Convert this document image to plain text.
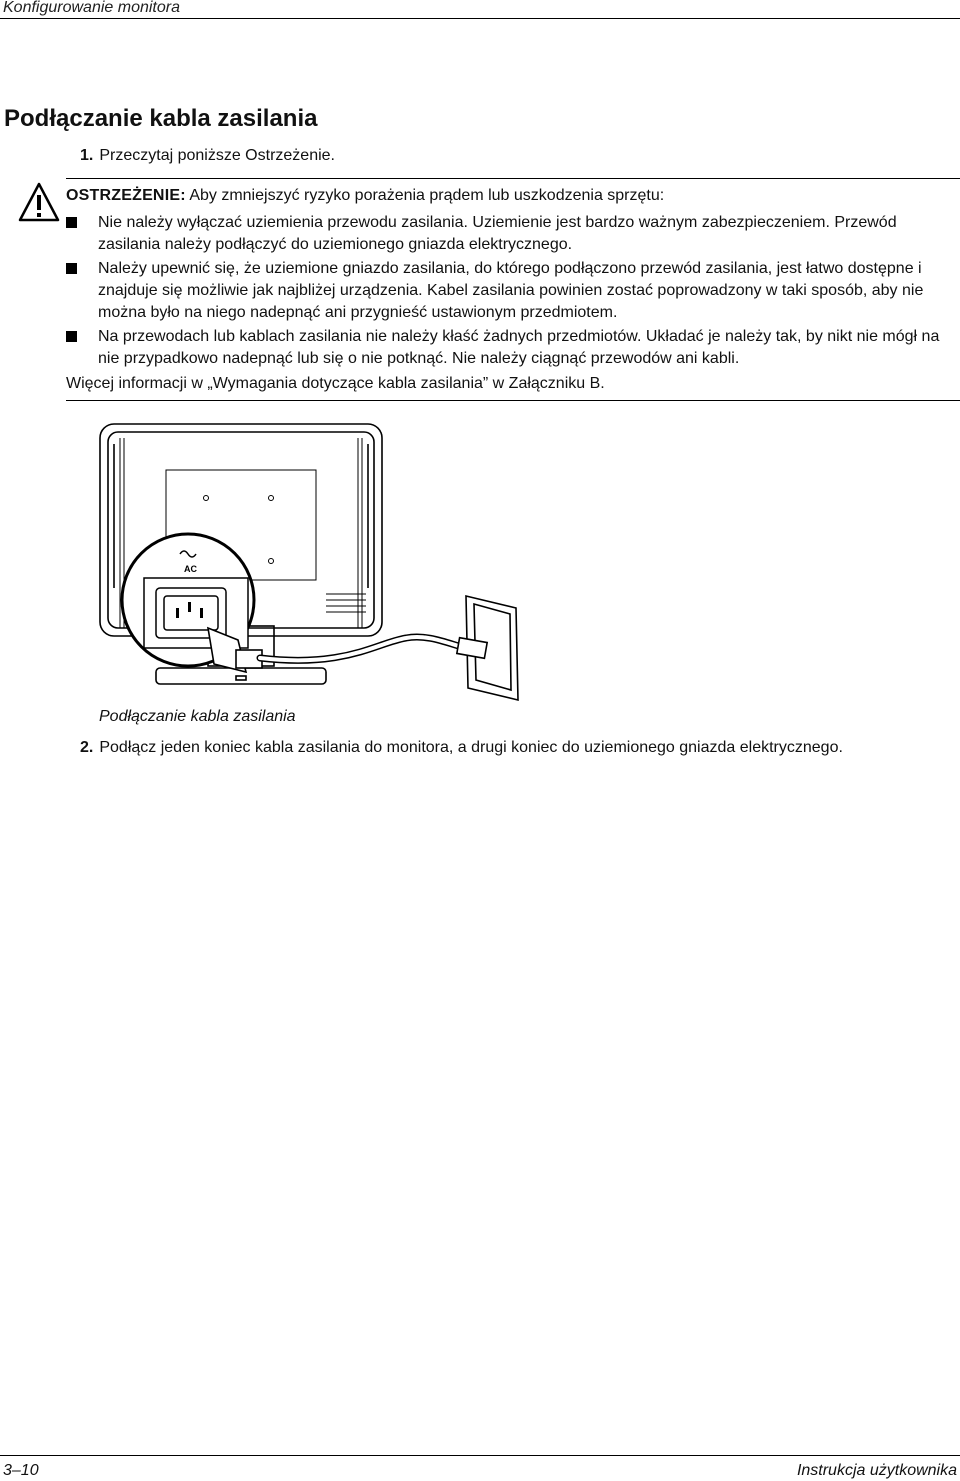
Konfigurowanie monitora
Podłączanie kabla zasilania
1. Przeczytaj poniższe Ostrzeżenie.
OSTRZEŻENIE: Aby zmniejszyć ryzyko porażenia prądem lub uszkodzenia sprzętu:
Nie należy wyłączać uziemienia przewodu zasilania. Uziemienie jest bardzo ważnym zabezpieczeniem. Przewód zasilania należy podłączyć do uziemionego gniazda elektrycznego.
Należy upewnić się, że uziemione gniazdo zasilania, do którego podłączono przewód zasilania, jest łatwo dostępne i znajduje się możliwie jak najbliżej urządzenia. Kabel zasilania powinien zostać poprowadzony w taki sposób, aby nie można było na niego nadepnąć ani przygnieść ustawionym przedmiotem.
Na przewodach lub kablach zasilania nie należy kłaść żadnych przedmiotów. Układać je należy tak, by nikt nie mógł na nie przypadkowo nadepnąć lub się o nie potknąć. Nie należy ciągnąć przewodów ani kabli.
Więcej informacji w „Wymagania dotyczące kabla zasilania” w Załączniku B.
AC
Podłączanie kabla zasilania
2. Podłącz jeden koniec kabla zasilania do monitora, a drugi koniec do uziemionego gniazda elektrycznego.
3–10	Instrukcja użytkownika
